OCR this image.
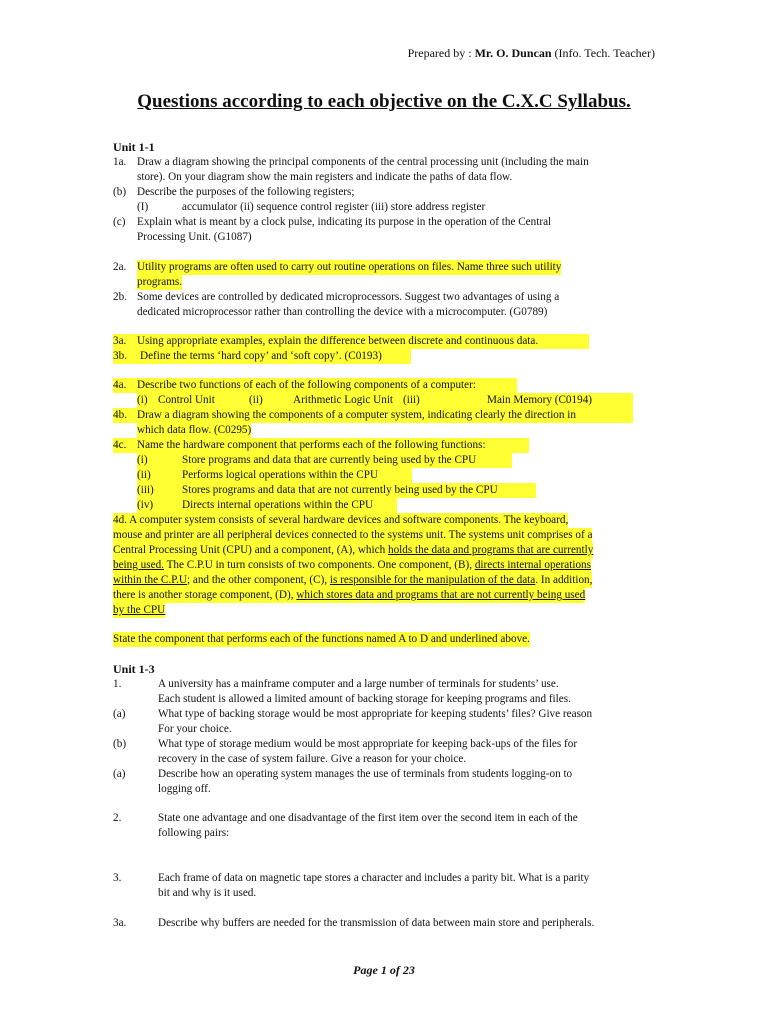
Prepared by : Mr. O. Duncan (Info. Tech. Teacher)
Questions according to each objective on the C.X.C Syllabus.
Unit 1-1
1a. Draw a diagram showing the principal components of the central processing unit (including the main
store). On your diagram show the main registers and indicate the paths of data flow.
(b) Describe the purposes of the following registers;
(I)	accumulator (ii) sequence control register (iii) store address register
(c) Explain what is meant by a clock pulse, indicating its purpose in the operation of the Central
Processing Unit. (G1087)
2a. Utility programs are often used to carry out routine operations on files. Name three such utility
programs.
2b. Some devices are controlled by dedicated microprocessors. Suggest two advantages of using a
dedicated microprocessor rather than controlling the device with a microcomputer. (G0789)
3a. Using appropriate examples, explain the difference between discrete and continuous data.
3b. Define the terms ‘hard copy’ and ‘soft copy’. (C0193)
4a. Describe two functions of each of the following components of a computer:
(i) Control Unit	(ii)	Arithmetic Logic Unit (iii)	Main Memory (C0194)
4b. Draw a diagram showing the components of a computer system, indicating clearly the direction in
which data flow. (C0295)
4c. Name the hardware component that performs each of the following functions:
(i)	Store programs and data that are currently being used by the CPU
(ii)	Performs logical operations within the CPU
(iii)	Stores programs and data that are not currently being used by the CPU
(iv)	Directs internal operations within the CPU
4d. A computer system consists of several hardware devices and software components. The keyboard,
mouse and printer are all peripheral devices connected to the systems unit. The systems unit comprises of a
Central Processing Unit (CPU) and a component, (A), which holds the data and programs that are currently
being used. The C.P.U in turn consists of two components. One component, (B), directs internal operations
within the C.P.U; and the other component, (C), is responsible for the manipulation of the data. In addition,
there is another storage component, (D), which stores data and programs that are not currently being used
by the CPU
State the component that performs each of the functions named A to D and underlined above.
Unit 1-3
1.	A university has a mainframe computer and a large number of terminals for students’ use.
Each student is allowed a limited amount of backing storage for keeping programs and files.
(a)	What type of backing storage would be most appropriate for keeping students’ files? Give reason
For your choice.
(b)	What type of storage medium would be most appropriate for keeping back-ups of the files for
recovery in the case of system failure. Give a reason for your choice.
(a)	Describe how an operating system manages the use of terminals from students logging-on to
logging off.
2.	State one advantage and one disadvantage of the first item over the second item in each of the
following pairs:
3.	Each frame of data on magnetic tape stores a character and includes a parity bit. What is a parity
bit and why is it used.
3a.	Describe why buffers are needed for the transmission of data between main store and peripherals.
Page 1 of 23
